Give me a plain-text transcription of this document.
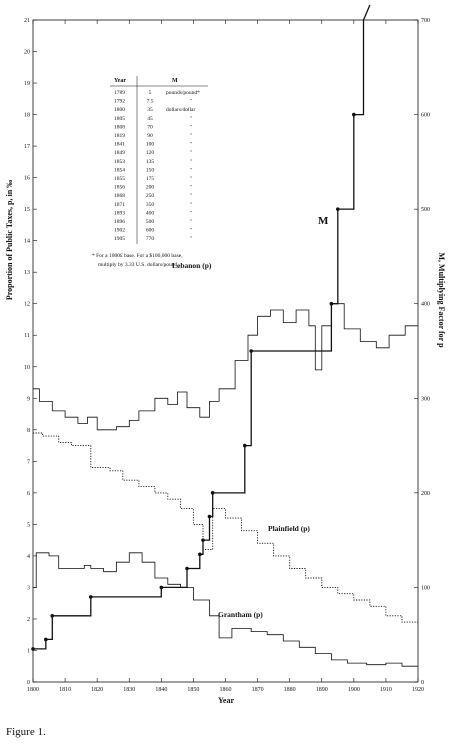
1800	1810	1820	1830	1840	1850	1860	1870	1880	1890	1900	1910	1920
0
1
2
3
4
5
6
7
8
9
10
11
12
13
14
15
16
17
18
19
20
21
0
100
200
300
400
500
600
700
Year
Proportion of Public Taxes, p, in ‰	M, Multiplying Factor for p
Lebanon (p)
Plainfield (p)
Grantham (p)
M
Year	M
1789	5	pounds/pound*
1792	7.5	"
1800	35 dollars/dollar
1805	45	"
1808	70	"
1819	90	"
1841	100	"
1849	120	"
1853	135	"
1854	150	"
1855	175	"
1856	200	"
1868	250	"
1871	350	"
1893	400	"
1896	500	"
1902	600	"
1905	770	"
* For a 1000£ base. For a $100,000 base,
multiply by 3.33 U.S. dollars/pound.
Figure 1.
